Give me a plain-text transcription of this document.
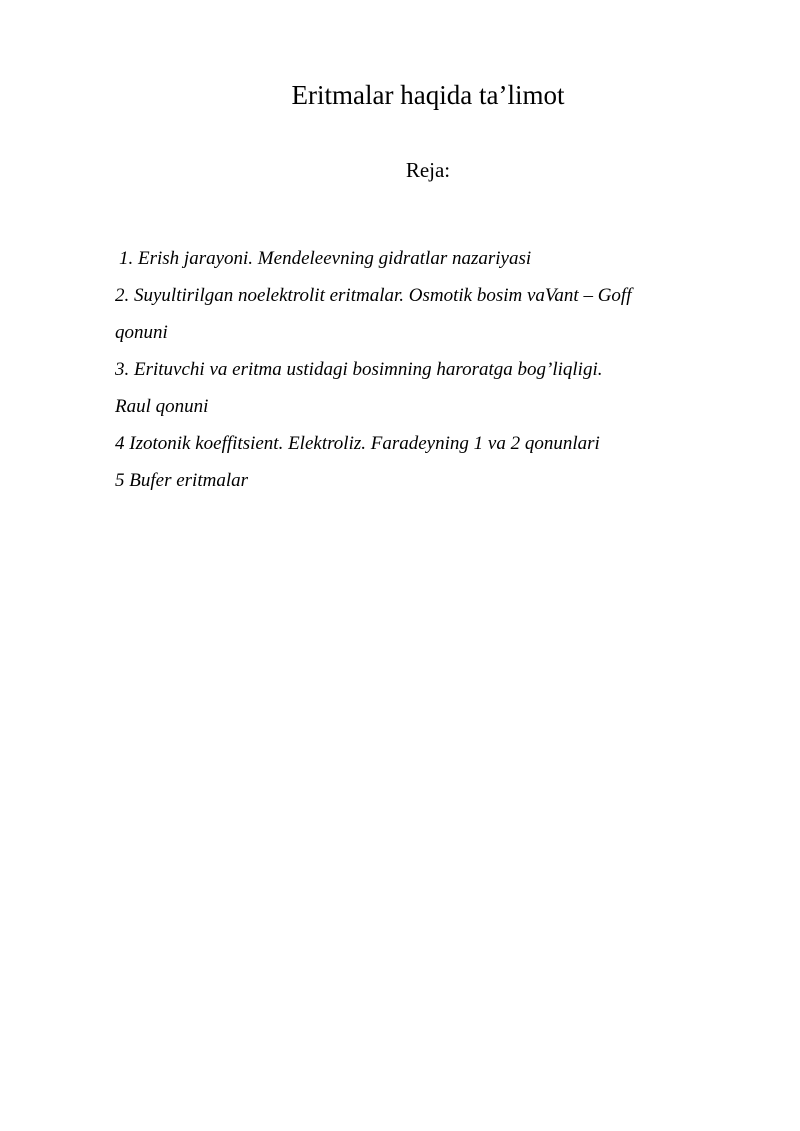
Eritmalar haqida ta’limot
Reja:
1. Erish jarayoni. Mendeleevning gidratlar nazariyasi
2. Suyultirilgan noelektrolit eritmalar. Osmotik bosim vaVant – Goff
qonuni
3. Erituvchi va eritma ustidagi bosimning haroratga bog’liqligi.
Raul qonuni
4 Izotonik koeffitsient. Elektroliz. Faradeyning 1 va 2 qonunlari
5 Bufer eritmalar
